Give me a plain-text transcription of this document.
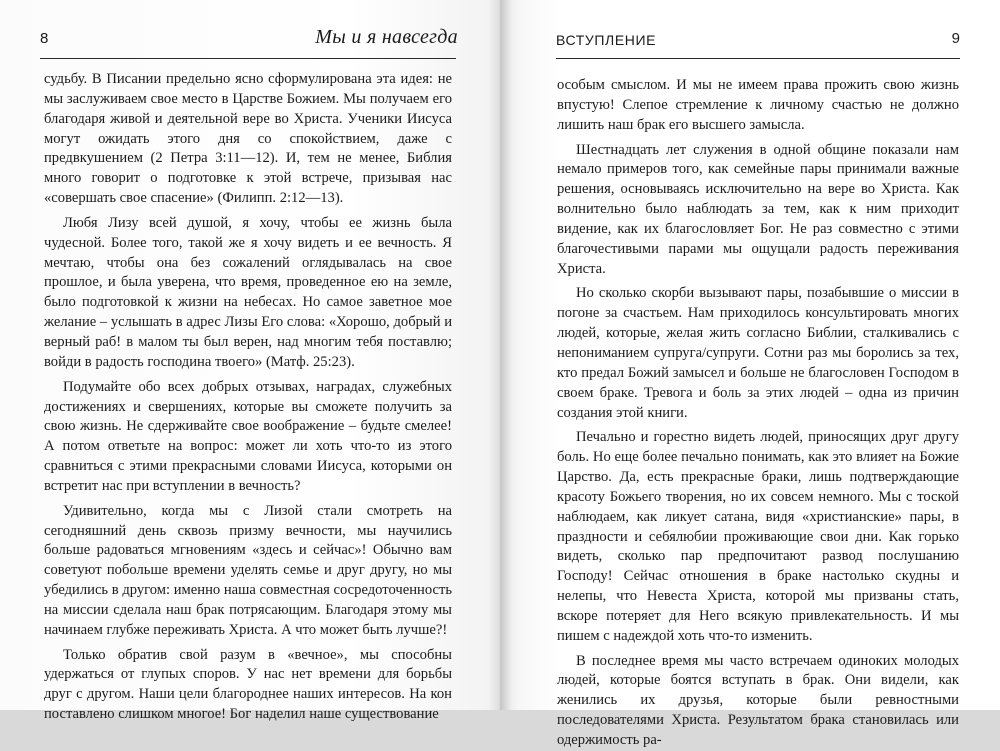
8	Мы и я навсегда

судьбу. В Писании предельно ясно сформулирована эта идея: не мы заслуживаем свое место в Царстве Божием. Мы получаем его благодаря живой и деятельной вере во Христа. Ученики Иисуса могут ожидать этого дня со спокойствием, даже с предвкушением (2 Петра 3:11—12). И, тем не менее, Библия много говорит о подготовке к этой встрече, призывая нас «совершать свое спасение» (Филипп. 2:12—13).

Любя Лизу всей душой, я хочу, чтобы ее жизнь была чудесной. Более того, такой же я хочу видеть и ее вечность. Я мечтаю, чтобы она без сожалений оглядывалась на свое прошлое, и была уверена, что время, проведенное ею на земле, было подготовкой к жизни на небесах. Но самое заветное мое желание – услышать в адрес Лизы Его слова: «Хорошо, добрый и верный раб! в малом ты был верен, над многим тебя поставлю; войди в радость господина твоего» (Матф. 25:23).

Подумайте обо всех добрых отзывах, наградах, служебных достижениях и свершениях, которые вы сможете получить за свою жизнь. Не сдерживайте свое воображение – будьте смелее! А потом ответьте на вопрос: может ли хоть что-то из этого сравниться с этими прекрасными словами Иисуса, которыми он встретит нас при вступлении в вечность?

Удивительно, когда мы с Лизой стали смотреть на сегодняшний день сквозь призму вечности, мы научились больше радоваться мгновениям «здесь и сейчас»! Обычно вам советуют побольше времени уделять семье и друг другу, но мы убедились в другом: именно наша совместная сосредоточенность на миссии сделала наш брак потрясающим. Благодаря этому мы начинаем глубже переживать Христа. А что может быть лучше?!

Только обратив свой разум в «вечное», мы способны удержаться от глупых споров. У нас нет времени для борьбы друг с другом. Наши цели благороднее наших интересов. На кон поставлено слишком многое! Бог наделил наше существование

ВСТУПЛЕНИЕ	9

особым смыслом. И мы не имеем права прожить свою жизнь впустую! Слепое стремление к личному счастью не должно лишить наш брак его высшего замысла.

Шестнадцать лет служения в одной общине показали нам немало примеров того, как семейные пары принимали важные решения, основываясь исключительно на вере во Христа. Как волнительно было наблюдать за тем, как к ним приходит видение, как их благословляет Бог. Не раз совместно с этими благочестивыми парами мы ощущали радость переживания Христа.

Но сколько скорби вызывают пары, позабывшие о миссии в погоне за счастьем. Нам приходилось консультировать многих людей, которые, желая жить согласно Библии, сталкивались с непониманием супруга/супруги. Сотни раз мы боролись за тех, кто предал Божий замысел и больше не благословен Господом в своем браке. Тревога и боль за этих людей – одна из причин создания этой книги.

Печально и горестно видеть людей, приносящих друг другу боль. Но еще более печально понимать, как это влияет на Божие Царство. Да, есть прекрасные браки, лишь подтверждающие красоту Божьего творения, но их совсем немного. Мы с тоской наблюдаем, как ликует сатана, видя «христианские» пары, в праздности и себялюбии проживающие свои дни. Как горько видеть, сколько пар предпочитают развод послушанию Господу! Сейчас отношения в браке настолько скудны и нелепы, что Невеста Христа, которой мы призваны стать, вскоре потеряет для Него всякую привлекательность. И мы пишем с надеждой хоть что-то изменить.

В последнее время мы часто встречаем одиноких молодых людей, которые боятся вступать в брак. Они видели, как женились их друзья, которые были ревностными последователями Христа. Результатом брака становилась или одержимость ра-
